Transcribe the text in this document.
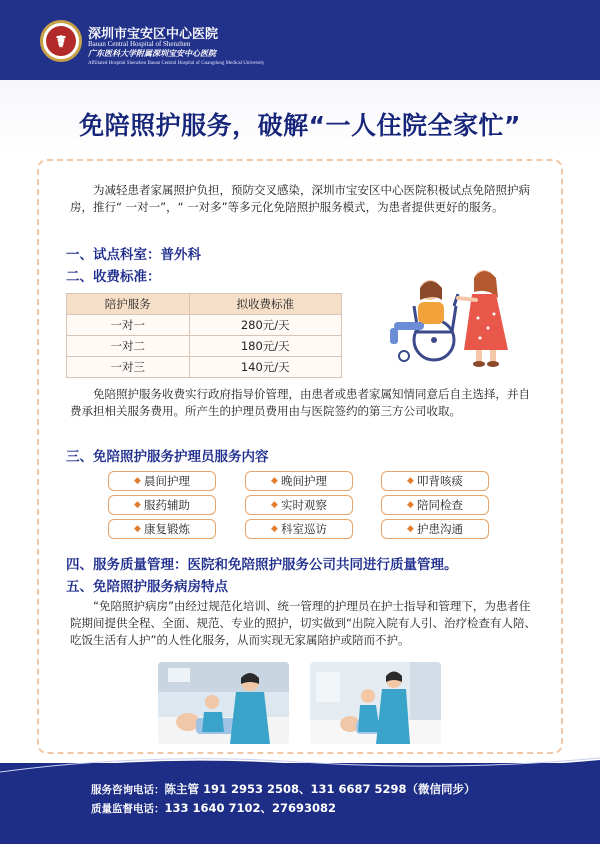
☤	深圳市宝安区中心医院
Baoan Central Hospital of Shenzhen
广东医科大学附属深圳宝安中心医院
Affiliated Hospital Shenzhen Baoan Central Hospital of Guangdong Medical University
免陪照护服务，破解“一人住院全家忙”
为减轻患者家属照护负担，预防交叉感染，深圳市宝安区中心医院积极试点免陪照护病房，推行“ 一对一”，“ 一对多”等多元化免陪照护服务模式，为患者提供更好的服务。
一、试点科室：普外科
二、收费标准：
陪护服务	拟收费标准
一对一	280元/天
一对二	180元/天
一对三	140元/天
免陪照护服务收费实行政府指导价管理，由患者或患者家属知情同意后自主选择，并自费承担相关服务费用。所产生的护理员费用由与医院签约的第三方公司收取。
三、免陪照护服务护理员服务内容
◆ 晨间护理	◆ 晚间护理	◆ 叩背咳痰
◆ 服药辅助	◆ 实时观察	◆ 陪同检查
◆ 康复锻炼	◆ 科室巡访	◆ 护患沟通
四、服务质量管理：医院和免陪照护服务公司共同进行质量管理。
五、免陪照护服务病房特点
“免陪照护病房”由经过规范化培训、统一管理的护理员在护士指导和管理下，为患者住院期间提供全程、全面、规范、专业的照护，切实做到“出院入院有人引、治疗检查有人陪、吃饭生活有人护”的人性化服务，从而实现无家属陪护或陪而不护。
服务咨询电话：陈主管 191 2953 2508、131 6687 5298（微信同步）
质量监督电话：133 1640 7102、27693082
